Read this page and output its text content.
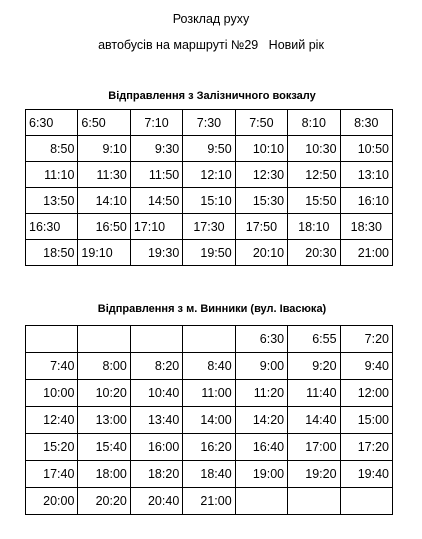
Розклад руху
автобусів на маршруті №29   Новий рік
Відправлення з Залізничного вокзалу
6:30	6:50	7:10	7:30	7:50	8:10	8:30
8:50	9:10	9:30	9:50	10:10	10:30	10:50
11:10	11:30	11:50	12:10	12:30	12:50	13:10
13:50	14:10	14:50	15:10	15:30	15:50	16:10
16:30	16:50	17:10	17:30	17:50	18:10	18:30
18:50	19:10	19:30	19:50	20:10	20:30	21:00
Відправлення з м. Винники (вул. Івасюка)
				6:30	6:55	7:20
7:40	8:00	8:20	8:40	9:00	9:20	9:40
10:00	10:20	10:40	11:00	11:20	11:40	12:00
12:40	13:00	13:40	14:00	14:20	14:40	15:00
15:20	15:40	16:00	16:20	16:40	17:00	17:20
17:40	18:00	18:20	18:40	19:00	19:20	19:40
20:00	20:20	20:40	21:00			
